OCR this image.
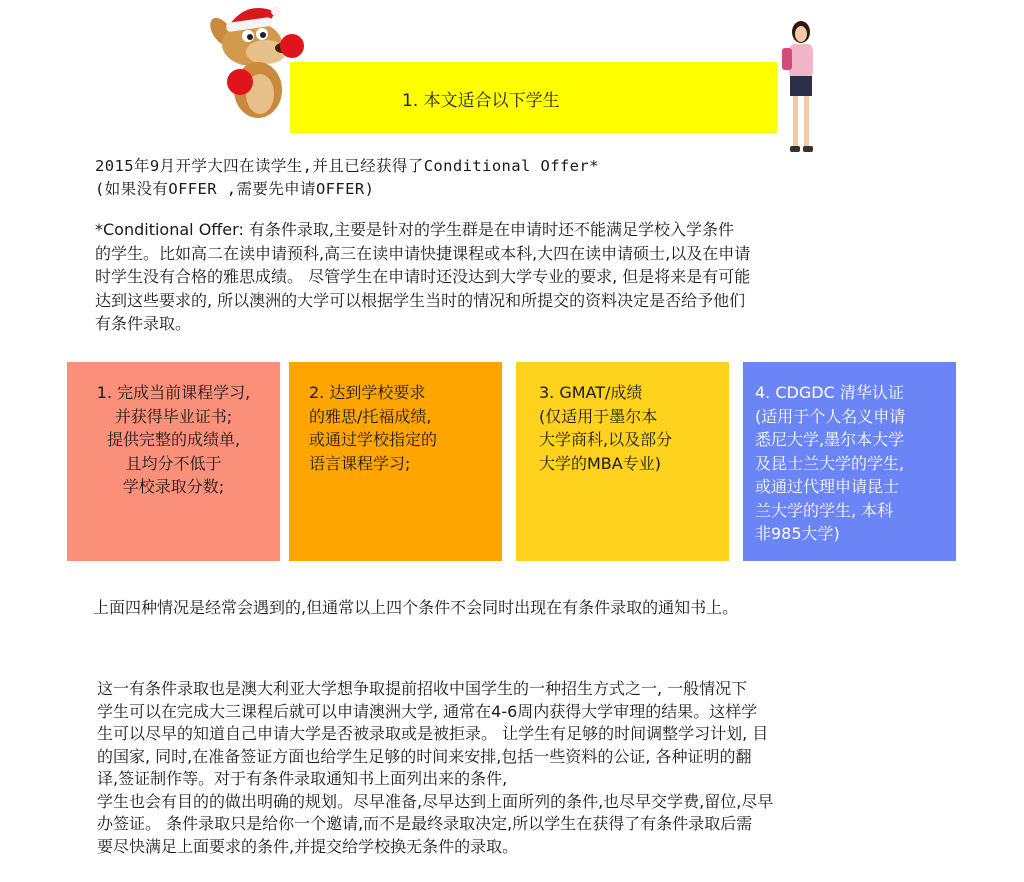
1. 本文适合以下学生
2015年9月开学大四在读学生,并且已经获得了Conditional Offer*
(如果没有OFFER ,需要先申请OFFER)

*Conditional Offer: 有条件录取,主要是针对的学生群是在申请时还不能满足学校入学条件

的学生。比如高二在读申请预科,高三在读申请快捷课程或本科,大四在读申请硕士,以及在申请

时学生没有合格的雅思成绩。 尽管学生在申请时还没达到大学专业的要求, 但是将来是有可能

达到这些要求的, 所以澳洲的大学可以根据学生当时的情况和所提交的资料决定是否给予他们

有条件录取。

1. 完成当前课程学习,

并获得毕业证书;

提供完整的成绩单,

且均分不低于

学校录取分数;

2. 达到学校要求

的雅思/托福成绩,

或通过学校指定的

语言课程学习;

3. GMAT/成绩

(仅适用于墨尔本

大学商科,以及部分

大学的MBA专业)

4. CDGDC 清华认证

(适用于个人名义申请

悉尼大学,墨尔本大学

及昆士兰大学的学生,

或通过代理申请昆士

兰大学的学生, 本科

非985大学)

上面四种情况是经常会遇到的,但通常以上四个条件不会同时出现在有条件录取的通知书上。

这一有条件录取也是澳大利亚大学想争取提前招收中国学生的一种招生方式之一, 一般情况下

学生可以在完成大三课程后就可以申请澳洲大学, 通常在4-6周内获得大学审理的结果。这样学

生可以尽早的知道自己申请大学是否被录取或是被拒录。 让学生有足够的时间调整学习计划, 目

的国家, 同时,在准备签证方面也给学生足够的时间来安排,包括一些资料的公证, 各种证明的翻

译,签证制作等。对于有条件录取通知书上面列出来的条件,

学生也会有目的的做出明确的规划。尽早准备,尽早达到上面所列的条件,也尽早交学费,留位,尽早

办签证。 条件录取只是给你一个邀请,而不是最终录取决定,所以学生在获得了有条件录取后需

要尽快满足上面要求的条件,并提交给学校换无条件的录取。
